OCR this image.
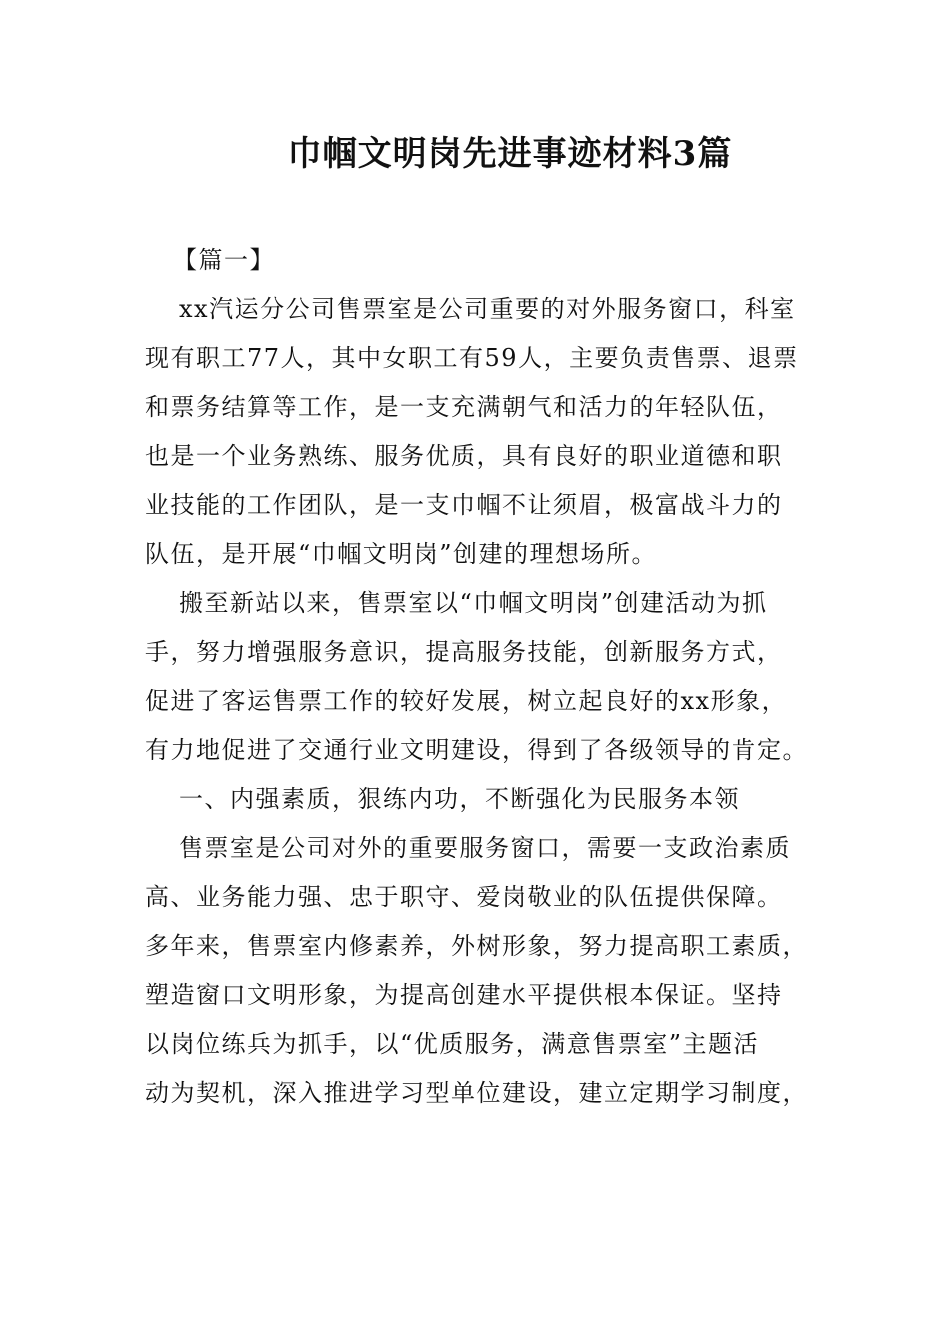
巾帼文明岗先进事迹材料3篇
【篇一】
xx汽运分公司售票室是公司重要的对外服务窗口，科室
现有职工77人，其中女职工有59人，主要负责售票、退票
和票务结算等工作，是一支充满朝气和活力的年轻队伍，
也是一个业务熟练、服务优质，具有良好的职业道德和职
业技能的工作团队，是一支巾帼不让须眉，极富战斗力的
队伍，是开展“巾帼文明岗”创建的理想场所。
搬至新站以来，售票室以“巾帼文明岗”创建活动为抓
手，努力增强服务意识，提高服务技能，创新服务方式，
促进了客运售票工作的较好发展，树立起良好的xx形象，
有力地促进了交通行业文明建设，得到了各级领导的肯定。
一、内强素质，狠练内功，不断强化为民服务本领
售票室是公司对外的重要服务窗口，需要一支政治素质
高、业务能力强、忠于职守、爱岗敬业的队伍提供保障。
多年来，售票室内修素养，外树形象，努力提高职工素质，
塑造窗口文明形象，为提高创建水平提供根本保证。坚持
以岗位练兵为抓手，以“优质服务，满意售票室”主题活
动为契机，深入推进学习型单位建设，建立定期学习制度，
